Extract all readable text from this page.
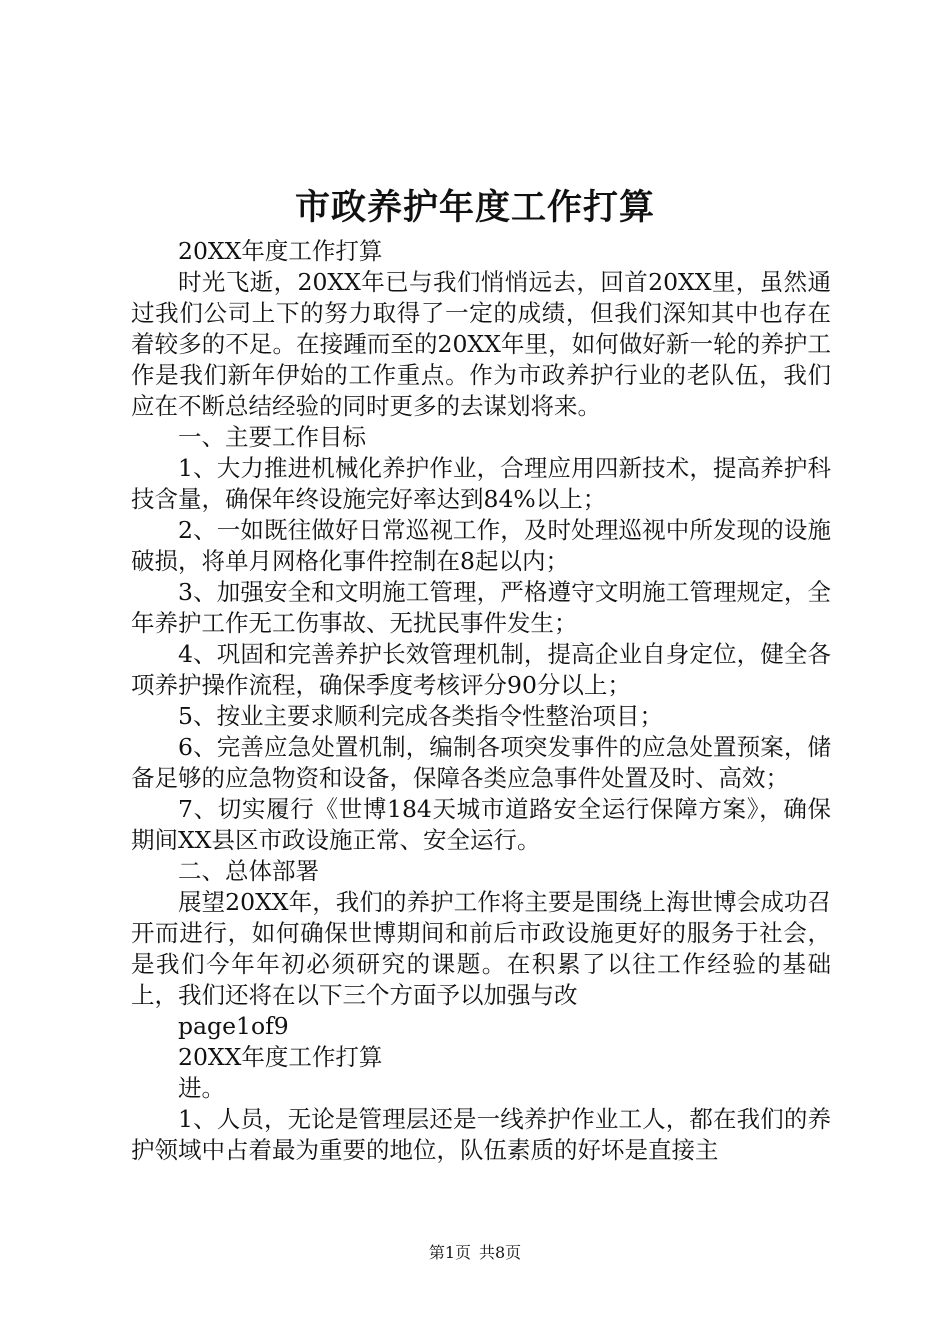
市政养护年度工作打算

20XX年度工作打算

时光飞逝，20XX年已与我们悄悄远去，回首20XX里，虽然通过我们公司上下的努力取得了一定的成绩，但我们深知其中也存在着较多的不足。在接踵而至的20XX年里，如何做好新一轮的养护工作是我们新年伊始的工作重点。作为市政养护行业的老队伍，我们应在不断总结经验的同时更多的去谋划将来。

一、主要工作目标

1、大力推进机械化养护作业，合理应用四新技术，提高养护科技含量，确保年终设施完好率达到84%以上；

2、一如既往做好日常巡视工作，及时处理巡视中所发现的设施破损，将单月网格化事件控制在8起以内；

3、加强安全和文明施工管理，严格遵守文明施工管理规定，全年养护工作无工伤事故、无扰民事件发生；

4、巩固和完善养护长效管理机制，提高企业自身定位，健全各项养护操作流程，确保季度考核评分90分以上；

5、按业主要求顺利完成各类指令性整治项目；

6、完善应急处置机制，编制各项突发事件的应急处置预案，储备足够的应急物资和设备，保障各类应急事件处置及时、高效；

7、切实履行《世博184天城市道路安全运行保障方案》，确保期间XX县区市政设施正常、安全运行。

二、总体部署

展望20XX年，我们的养护工作将主要是围绕上海世博会成功召开而进行，如何确保世博期间和前后市政设施更好的服务于社会，是我们今年年初必须研究的课题。在积累了以往工作经验的基础上，我们还将在以下三个方面予以加强与改

page1of9

20XX年度工作打算

进。

1、人员，无论是管理层还是一线养护作业工人，都在我们的养护领域中占着最为重要的地位，队伍素质的好坏是直接主

第1页 共8页
